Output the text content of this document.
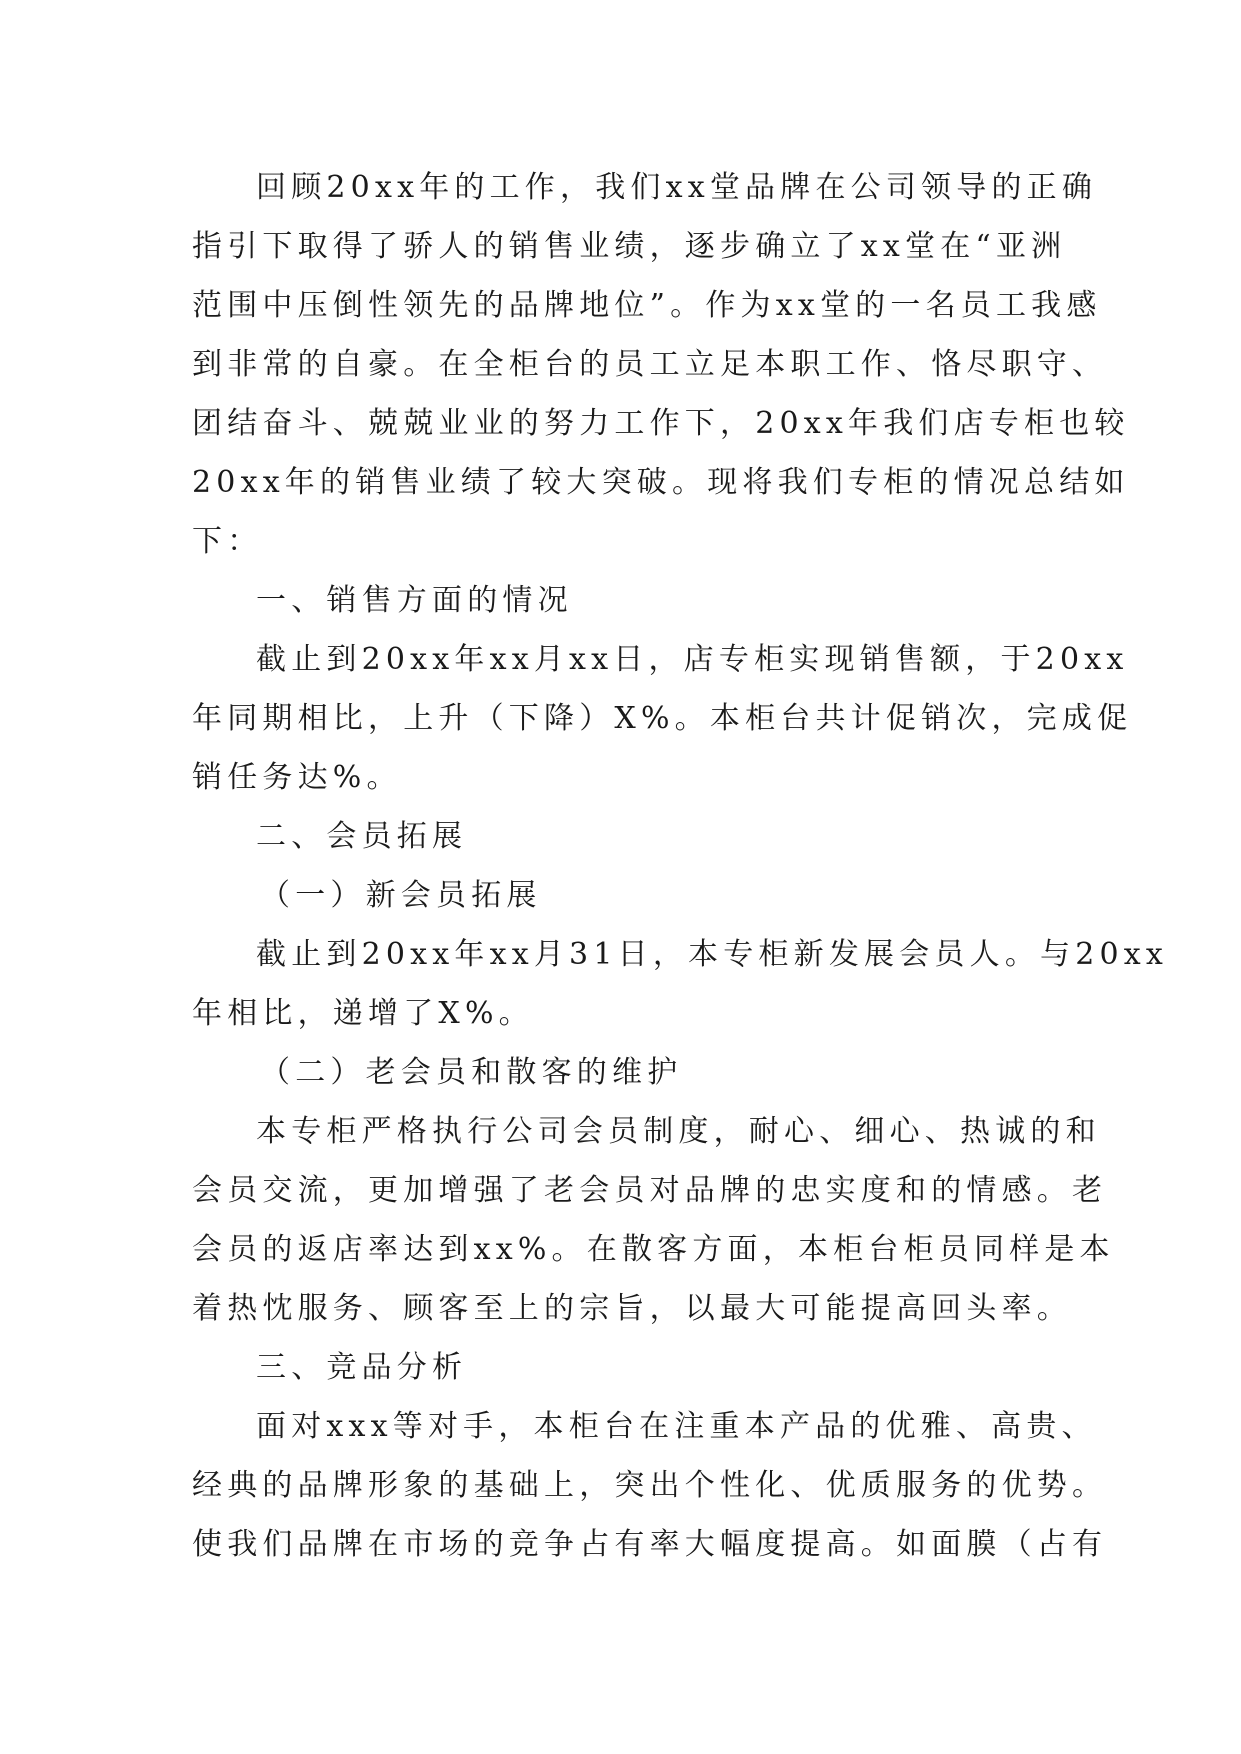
回顾20xx年的工作，我们xx堂品牌在公司领导的正确
指引下取得了骄人的销售业绩，逐步确立了xx堂在“亚洲
范围中压倒性领先的品牌地位”。作为xx堂的一名员工我感
到非常的自豪。在全柜台的员工立足本职工作、恪尽职守、
团结奋斗、兢兢业业的努力工作下，20xx年我们店专柜也较
20xx年的销售业绩了较大突破。现将我们专柜的情况总结如
下：
一、销售方面的情况
截止到20xx年xx月xx日，店专柜实现销售额，于20xx
年同期相比，上升（下降）X%。本柜台共计促销次，完成促
销任务达%。
二、会员拓展
（一）新会员拓展
截止到20xx年xx月31日，本专柜新发展会员人。与20xx
年相比，递增了X%。
（二）老会员和散客的维护
本专柜严格执行公司会员制度，耐心、细心、热诚的和
会员交流，更加增强了老会员对品牌的忠实度和的情感。老
会员的返店率达到xx%。在散客方面，本柜台柜员同样是本
着热忱服务、顾客至上的宗旨，以最大可能提高回头率。
三、竞品分析
面对xxx等对手，本柜台在注重本产品的优雅、高贵、
经典的品牌形象的基础上，突出个性化、优质服务的优势。
使我们品牌在市场的竞争占有率大幅度提高。如面膜（占有
